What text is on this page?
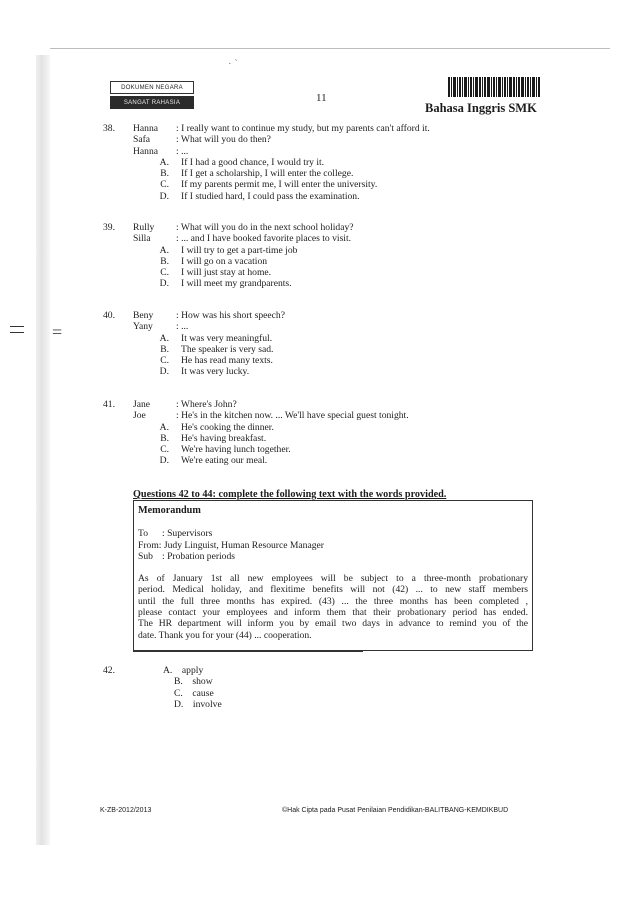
· ˋ
=
DOKUMEN NEGARA
SANGAT RAHASIA	11
Bahasa Inggris SMK
38.	Hanna	: I really want to continue my study, but my parents can't afford it.
Safa	: What will you do then?
Hanna	: ...
A.	If I had a good chance, I would try it.
B.	If I get a scholarship, I will enter the college.
C.	If my parents permit me, I will enter the university.
D.	If I studied hard, I could pass the examination.
39.	Rully	: What will you do in the next school holiday?
Silla	: ... and I have booked favorite places to visit.
A.	I will try to get a part-time job
B.	I will go on a vacation
C.	I will just stay at home.
D.	I will meet my grandparents.
40.	Beny	: How was his short speech?
Yany	: ...
A.	It was very meaningful.
B.	The speaker is very sad.
C.	He has read many texts.
D.	It was very lucky.
41.	Jane	: Where's John?
Joe	: He's in the kitchen now. ... We'll have special guest tonight.
A.	He's cooking the dinner.
B.	He's having breakfast.
C.	We're having lunch together.
D.	We're eating our meal.
Questions 42 to 44: complete the following text with the words provided.
Memorandum
To	: Supervisors
From : Judy Linguist, Human Resource Manager
Sub : Probation periods
As of January 1st all new employees will be subject to a three-month probationary
period. Medical holiday, and flexitime benefits will not (42) ... to new staff members
until the full three months has expired. (43) ... the three months has been completed ,
please contact your employees and inform them that their probationary period has ended.
The HR department will inform you by email two days in advance to remind you of the
date. Thank you for your (44) ... cooperation.
42.	A. apply
B.
show
C.
cause
D.
involve
K-ZB-2012/2013	©Hak Cipta pada Pusat Penilaian Pendidikan-BALITBANG-KEMDIKBUD
